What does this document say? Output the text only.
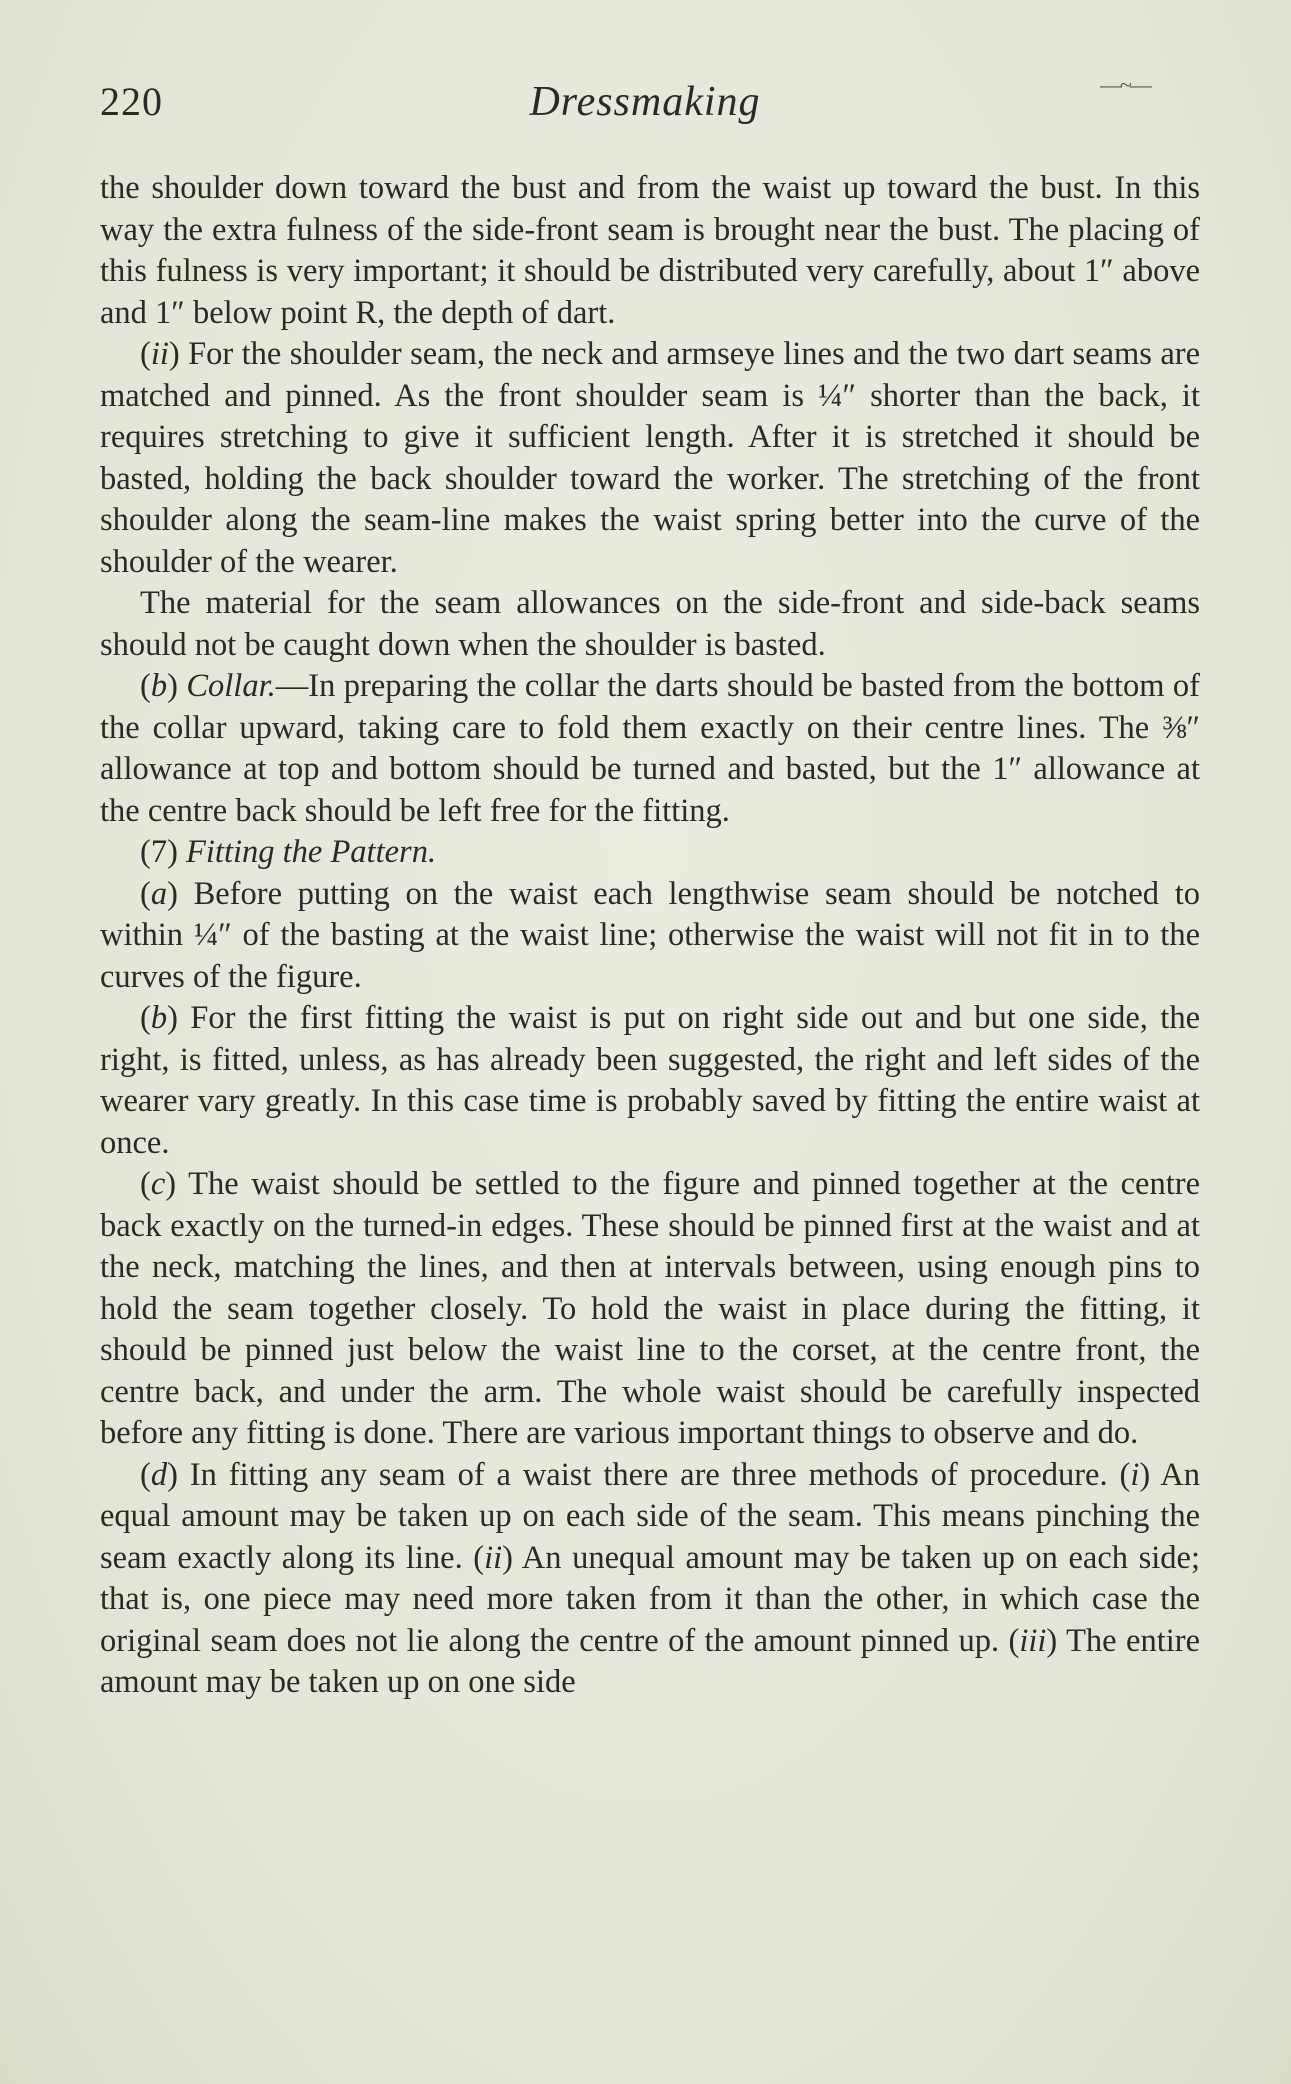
220	Dressmaking	—~—

the shoulder down toward the bust and from the waist up toward the bust. In this way the extra fulness of the side-front seam is brought near the bust. The placing of this fulness is very important; it should be distributed very carefully, about 1″ above and 1″ below point R, the depth of dart.

(ii) For the shoulder seam, the neck and armseye lines and the two dart seams are matched and pinned. As the front shoulder seam is ¼″ shorter than the back, it requires stretching to give it sufficient length. After it is stretched it should be basted, holding the back shoulder toward the worker. The stretching of the front shoulder along the seam-line makes the waist spring better into the curve of the shoulder of the wearer.

The material for the seam allowances on the side-front and side-back seams should not be caught down when the shoulder is basted.

(b) Collar.—In preparing the collar the darts should be basted from the bottom of the collar upward, taking care to fold them exactly on their centre lines. The ⅜″ allowance at top and bottom should be turned and basted, but the 1″ allowance at the centre back should be left free for the fitting.

(7) Fitting the Pattern.

(a) Before putting on the waist each lengthwise seam should be notched to within ¼″ of the basting at the waist line; otherwise the waist will not fit in to the curves of the figure.

(b) For the first fitting the waist is put on right side out and but one side, the right, is fitted, unless, as has already been suggested, the right and left sides of the wearer vary greatly. In this case time is probably saved by fitting the entire waist at once.

(c) The waist should be settled to the figure and pinned together at the centre back exactly on the turned-in edges. These should be pinned first at the waist and at the neck, matching the lines, and then at intervals between, using enough pins to hold the seam together closely. To hold the waist in place during the fitting, it should be pinned just below the waist line to the corset, at the centre front, the centre back, and under the arm. The whole waist should be carefully inspected before any fitting is done. There are various important things to observe and do.

(d) In fitting any seam of a waist there are three methods of procedure. (i) An equal amount may be taken up on each side of the seam. This means pinching the seam exactly along its line. (ii) An unequal amount may be taken up on each side; that is, one piece may need more taken from it than the other, in which case the original seam does not lie along the centre of the amount pinned up. (iii) The entire amount may be taken up on one side
